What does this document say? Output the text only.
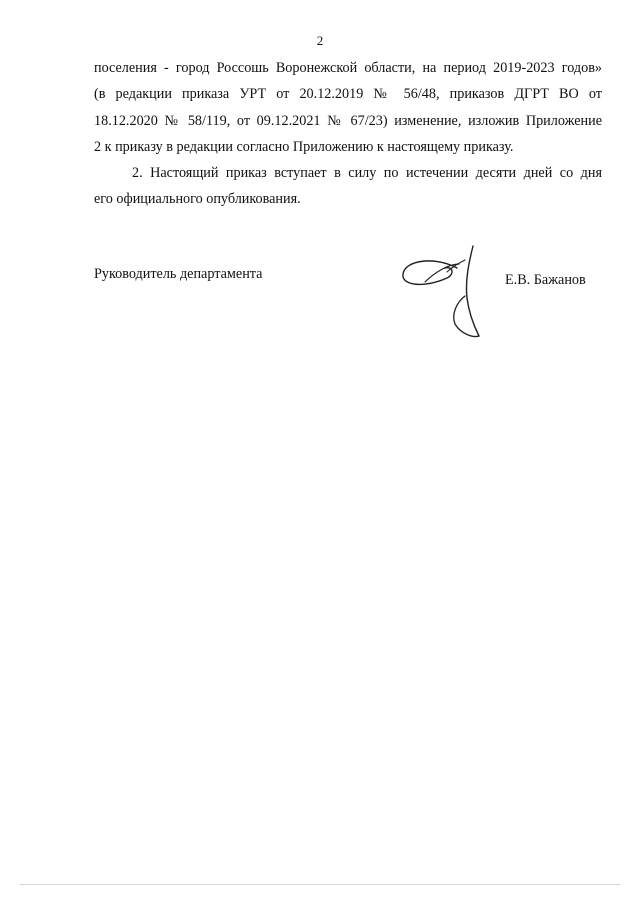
2
поселения - город Россошь Воронежской области, на период 2019-2023 годов»
(в редакции приказа УРТ от 20.12.2019 № 56/48, приказов ДГРТ ВО от
18.12.2020 № 58/119, от 09.12.2021 № 67/23) изменение, изложив Приложение
2 к приказу в редакции согласно Приложению к настоящему приказу.
2. Настоящий приказ вступает в силу по истечении десяти дней со дня
его официального опубликования.
Руководитель департамента	Е.В. Бажанов
